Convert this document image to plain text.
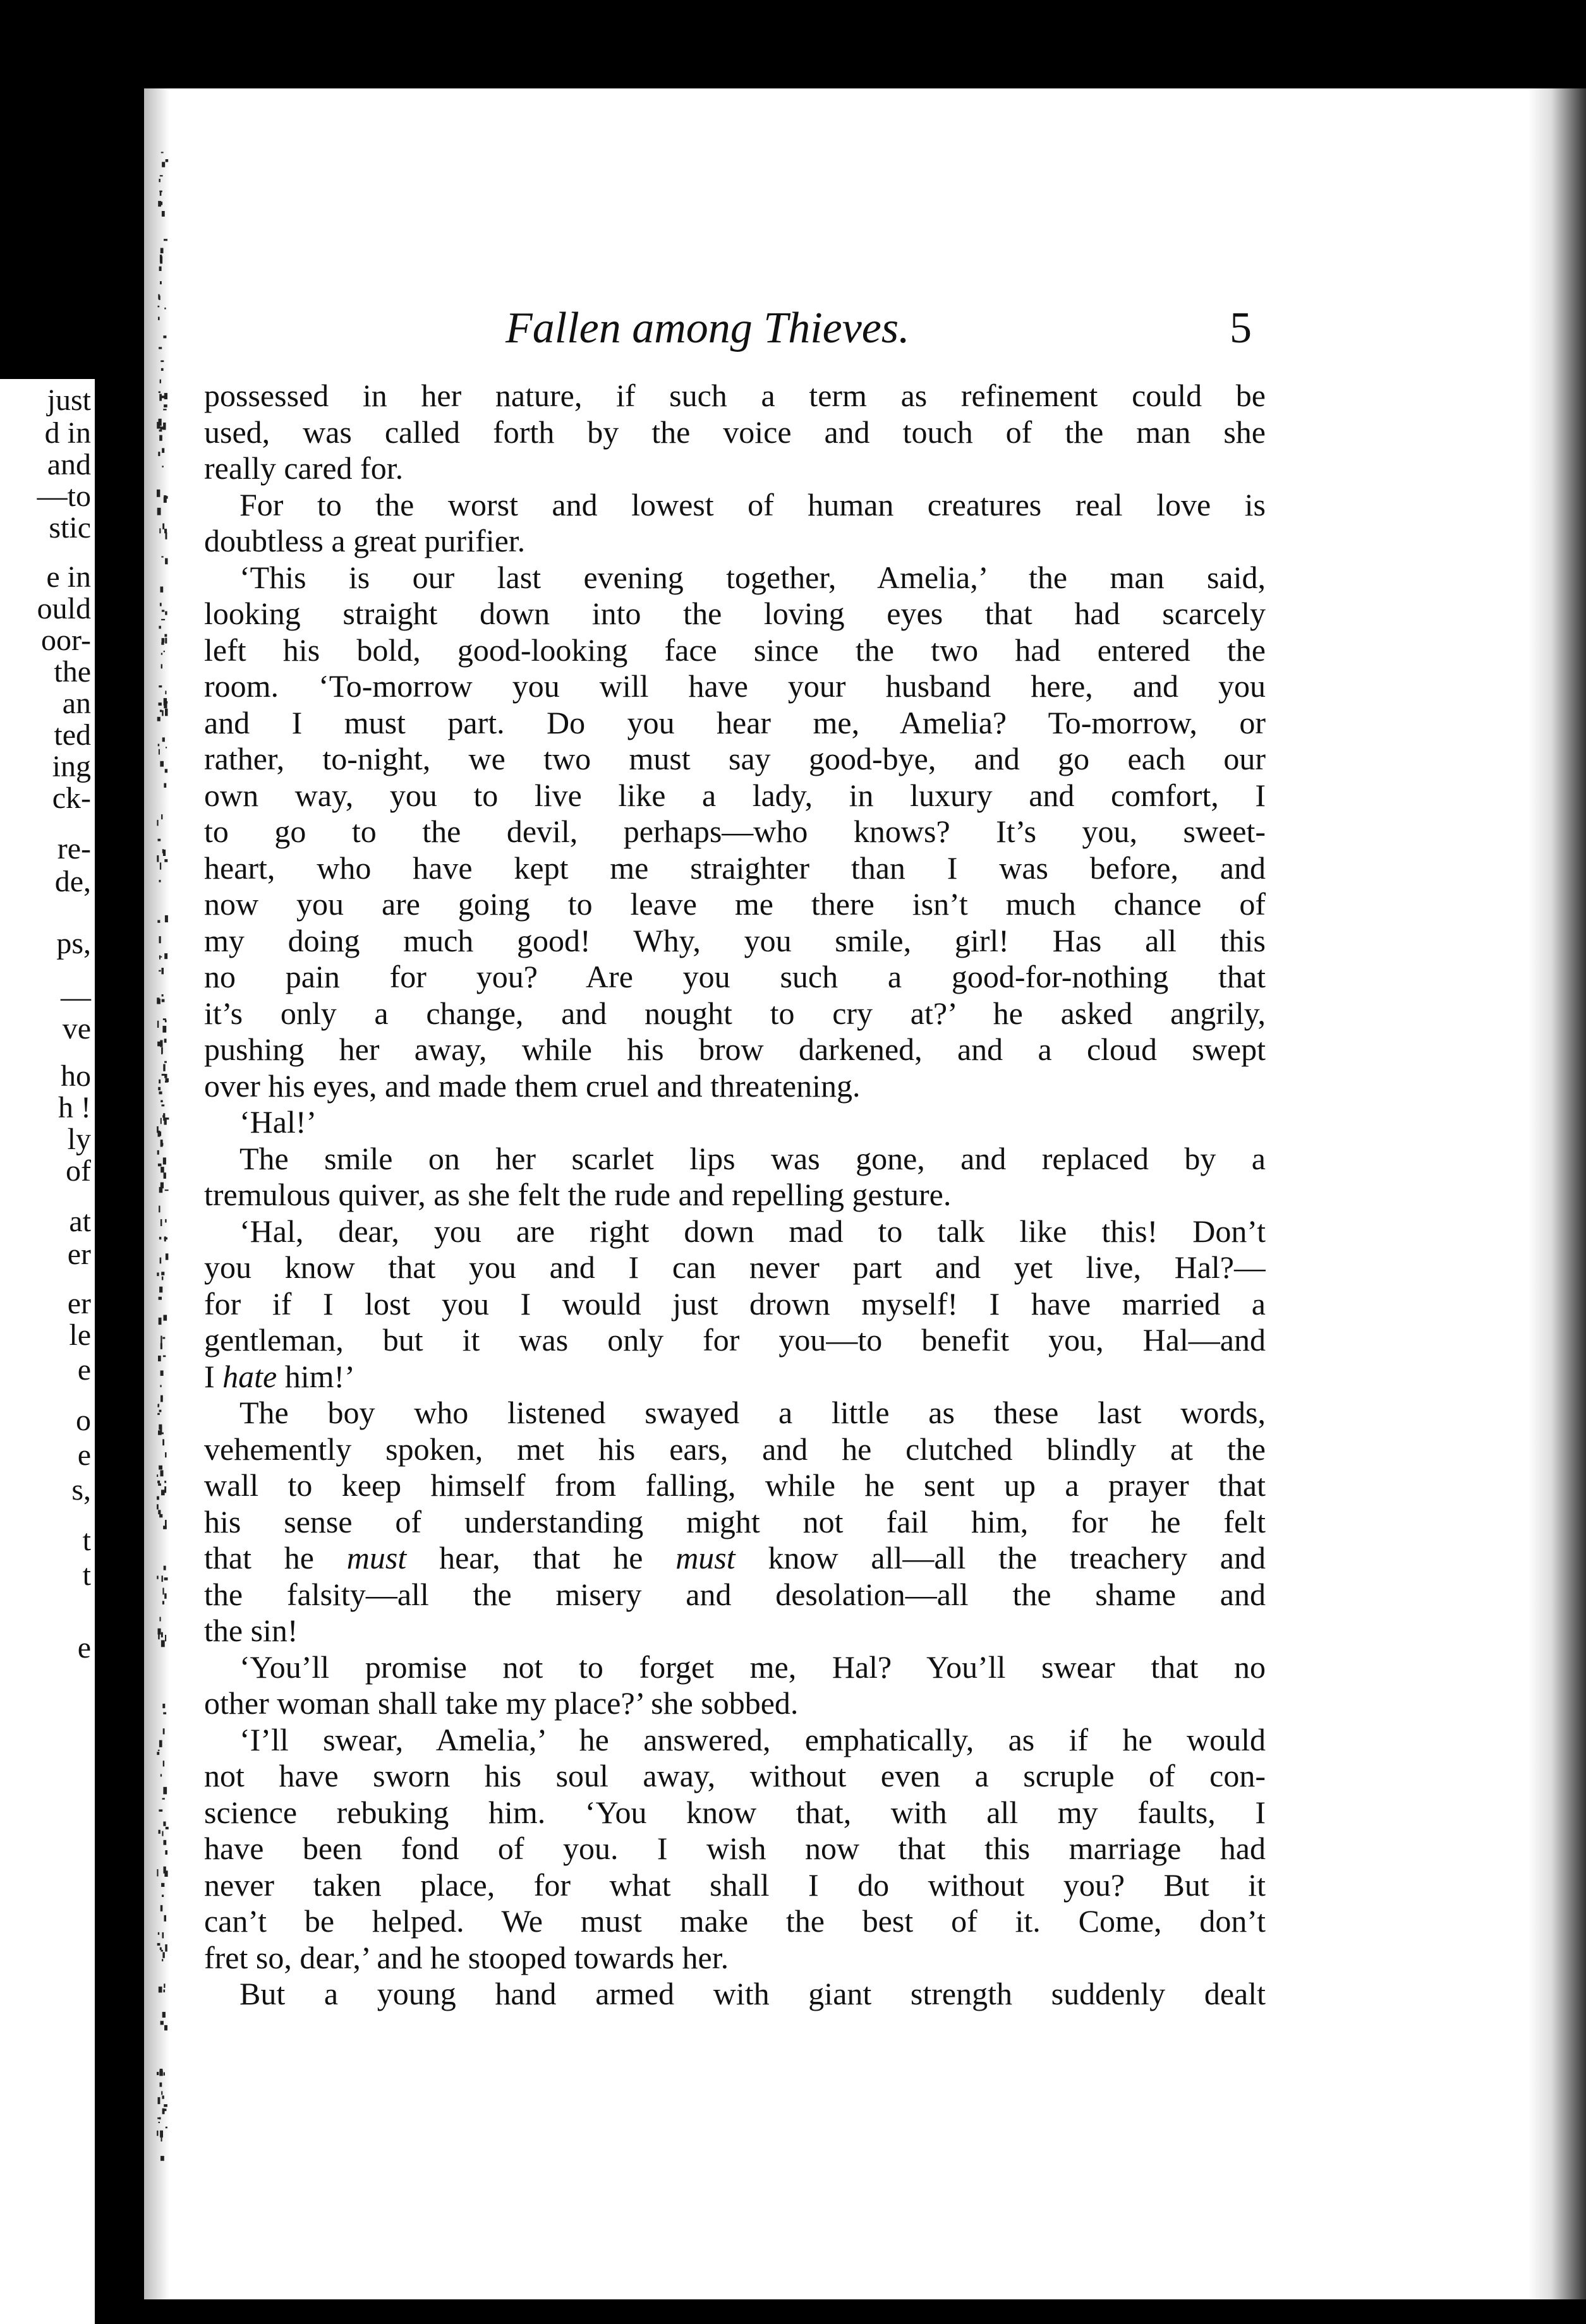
just
d in
and
—to
stic
e in
ould
oor-
the
an
ted
ing
ck-
re-
de,
ps,
—
ve
ho
h !
ly
of
at
er
er
le
e
o
e
s,
t
t
e
Fallen among Thieves.	5
possessed in her nature, if such a term as refinement could be
used, was called forth by the voice and touch of the man she
really cared for.
For to the worst and lowest of human creatures real love is
doubtless a great purifier.
‘This is our last evening together, Amelia,’ the man said,
looking straight down into the loving eyes that had scarcely
left his bold, good-looking face since the two had entered the
room. ‘To-morrow you will have your husband here, and you
and I must part. Do you hear me, Amelia? To-morrow, or
rather, to-night, we two must say good-bye, and go each our
own way, you to live like a lady, in luxury and comfort, I
to go to the devil, perhaps—who knows? It’s you, sweet-
heart, who have kept me straighter than I was before, and
now you are going to leave me there isn’t much chance of
my doing much good! Why, you smile, girl! Has all this
no pain for you? Are you such a good-for-nothing that
it’s only a change, and nought to cry at?’ he asked angrily,
pushing her away, while his brow darkened, and a cloud swept
over his eyes, and made them cruel and threatening.
‘Hal!’
The smile on her scarlet lips was gone, and replaced by a
tremulous quiver, as she felt the rude and repelling gesture.
‘Hal, dear, you are right down mad to talk like this! Don’t
you know that you and I can never part and yet live, Hal?—
for if I lost you I would just drown myself! I have married a
gentleman, but it was only for you—to benefit you, Hal—and
I hate him!’
The boy who listened swayed a little as these last words,
vehemently spoken, met his ears, and he clutched blindly at the
wall to keep himself from falling, while he sent up a prayer that
his sense of understanding might not fail him, for he felt
that he must hear, that he must know all—all the treachery and
the falsity—all the misery and desolation—all the shame and
the sin!
‘You’ll promise not to forget me, Hal? You’ll swear that no
other woman shall take my place?’ she sobbed.
‘I’ll swear, Amelia,’ he answered, emphatically, as if he would
not have sworn his soul away, without even a scruple of con-
science rebuking him. ‘You know that, with all my faults, I
have been fond of you. I wish now that this marriage had
never taken place, for what shall I do without you? But it
can’t be helped. We must make the best of it. Come, don’t
fret so, dear,’ and he stooped towards her.
But a young hand armed with giant strength suddenly dealt
